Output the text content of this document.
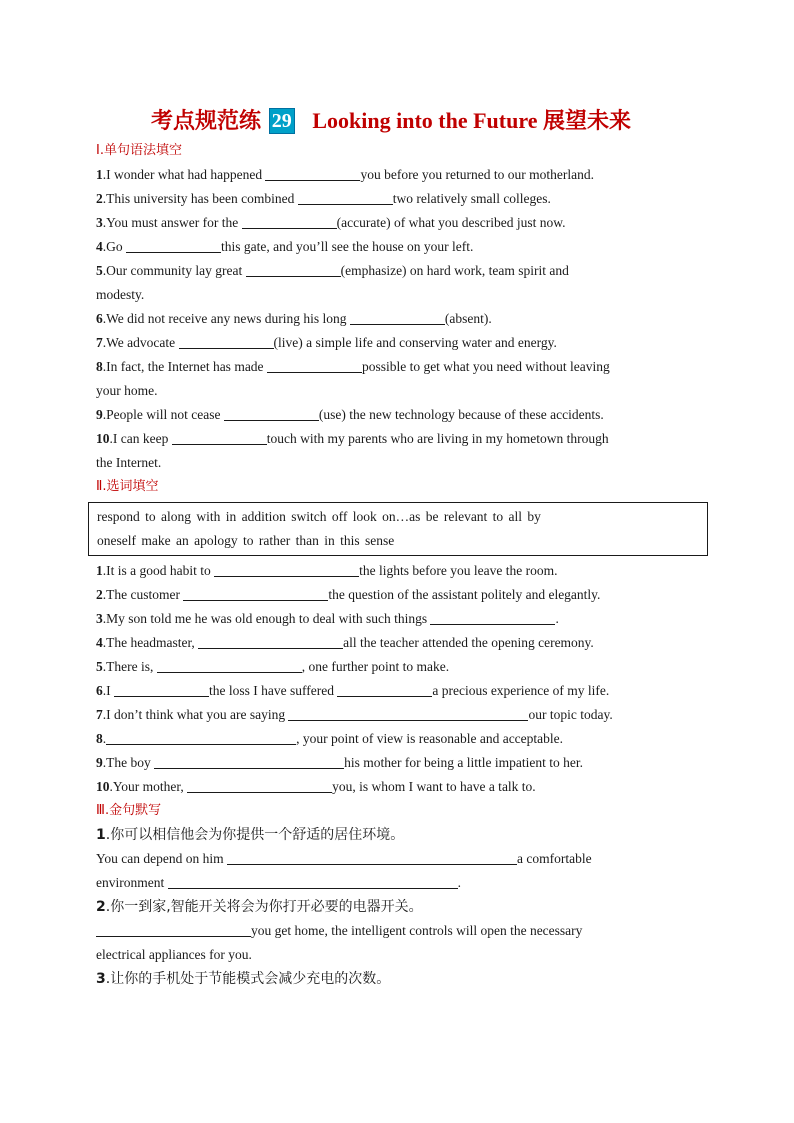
考点规范练 29 Looking into the Future 展望未来
Ⅰ.单句语法填空
1.I wonder what had happened	you before you returned to our motherland.
2.This university has been combined	two relatively small colleges.
3.You must answer for the	(accurate) of what you described just now.
4.Go	this gate, and you’ll see the house on your left.
5.Our community lay great	(emphasize) on hard work, team spirit and
modesty.
6.We did not receive any news during his long	(absent).
7.We advocate	(live) a simple life and conserving water and energy.
8.In fact, the Internet has made	possible to get what you need without leaving
your home.
9.People will not cease	(use) the new technology because of these accidents.
10.I can keep	touch with my parents who are living in my hometown through
the Internet.
Ⅱ.选词填空
respond to along with in addition switch off look on…as be relevant to all by
oneself make an apology to rather than in this sense
1.It is a good habit to	the lights before you leave the room.
2.The customer	the question of the assistant politely and elegantly.
3.My son told me he was old enough to deal with such things	.
4.The headmaster,	all the teacher attended the opening ceremony.
5.There is,	, one further point to make.
6.I	the loss I have suffered	a precious experience of my life.
7.I don’t think what you are saying	our topic today.
8.	, your point of view is reasonable and acceptable.
9.The boy	his mother for being a little impatient to her.
10.Your mother,	you, is whom I want to have a talk to.
Ⅲ.金句默写
1.你可以相信他会为你提供一个舒适的居住环境。
You can depend on him	a comfortable
environment	.
2.你一到家,智能开关将会为你打开必要的电器开关。
you get home, the intelligent controls will open the necessary
electrical appliances for you.
3.让你的手机处于节能模式会减少充电的次数。
